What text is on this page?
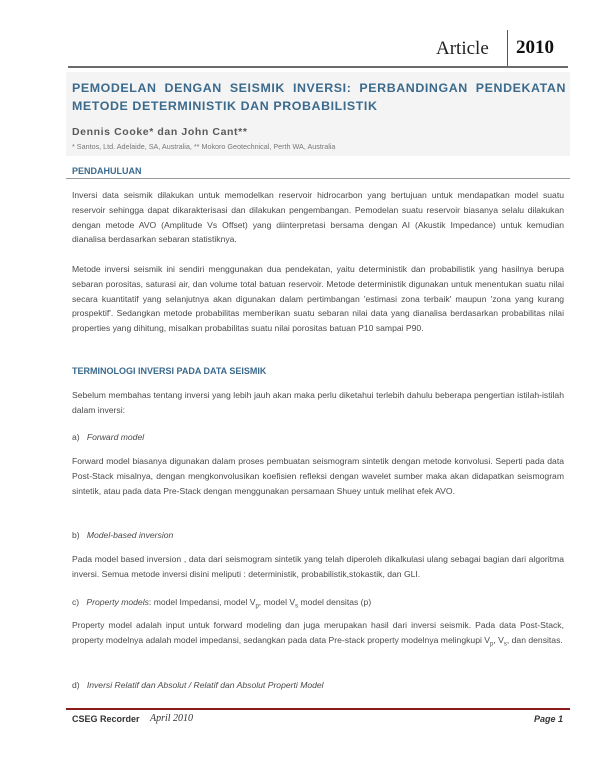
Article 2010
PEMODELAN DENGAN SEISMIK INVERSI: PERBANDINGAN PENDEKATAN METODE DETERMINISTIK DAN PROBABILISTIK
Dennis Cooke* dan John Cant**
* Santos, Ltd. Adelaide, SA, Australia, ** Mokoro Geotechnical, Perth WA, Australia
PENDAHULUAN
Inversi data seismik dilakukan untuk memodelkan reservoir hidrocarbon yang bertujuan untuk mendapatkan model suatu reservoir sehingga dapat dikarakterisasi dan dilakukan pengembangan. Pemodelan suatu reservoir biasanya selalu dilakukan dengan metode AVO (Amplitude Vs Offset) yang diinterpretasi bersama dengan AI (Akustik Impedance) untuk kemudian dianalisa berdasarkan sebaran statistiknya.
Metode inversi seismik ini sendiri menggunakan dua pendekatan, yaitu deterministik dan probabilistik yang hasilnya berupa sebaran porositas, saturasi air, dan volume total batuan reservoir. Metode deterministik digunakan untuk menentukan suatu nilai secara kuantitatif yang selanjutnya akan digunakan dalam pertimbangan 'estimasi zona terbaik' maupun 'zona yang kurang prospektif'. Sedangkan metode probabilitas memberikan suatu sebaran nilai data yang dianalisa berdasarkan probabilitas nilai properties yang dihitung, misalkan probabilitas suatu nilai porositas batuan P10 sampai P90.
TERMINOLOGI INVERSI PADA DATA SEISMIK
Sebelum membahas tentang inversi yang lebih jauh akan maka perlu diketahui terlebih dahulu beberapa pengertian istilah-istilah dalam inversi:
a) Forward model
Forward model biasanya digunakan dalam proses pembuatan seismogram sintetik dengan metode konvolusi. Seperti pada data Post-Stack misalnya, dengan mengkonvolusikan koefisien refleksi dengan wavelet sumber maka akan didapatkan seismogram sintetik, atau pada data Pre-Stack dengan menggunakan persamaan Shuey untuk melihat efek AVO.
b) Model-based inversion
Pada model based inversion , data dari seismogram sintetik yang telah diperoleh dikalkulasi ulang sebagai bagian dari algoritma inversi. Semua metode inversi disini meliputi : deterministik, probabilistik,stokastik, dan GLI.
c) Property models: model Impedansi, model $V_p$, model $V_s$ model densitas (p)
Property model adalah input untuk forward modeling dan juga merupakan hasil dari inversi seismik. Pada data Post-Stack, property modelnya adalah model impedansi, sedangkan pada data Pre-stack property modelnya melingkupi $V_p$, $V_s$, dan densitas.
d) Inversi Relatif dan Absolut / Relatif dan Absolut Properti Model
CSEG Recorder April 2010	Page 1
